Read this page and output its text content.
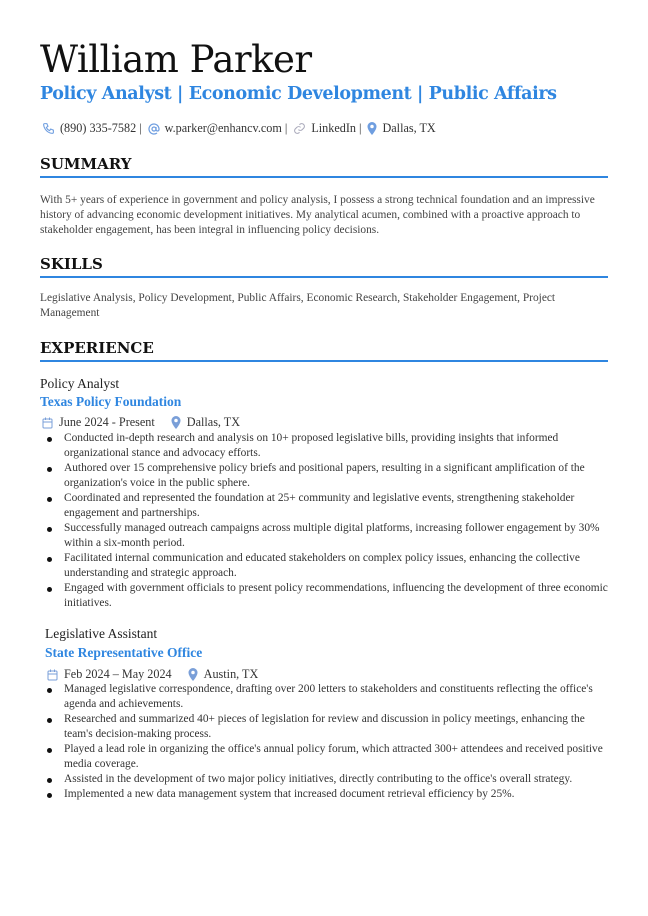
William Parker
Policy Analyst | Economic Development | Public Affairs
(890) 335-7582 | w.parker@enhancv.com | LinkedIn | Dallas, TX
SUMMARY
With 5+ years of experience in government and policy analysis, I possess a strong technical foundation and an impressive history of advancing economic development initiatives. My analytical acumen, combined with a proactive approach to stakeholder engagement, has been integral in influencing policy decisions.
SKILLS
Legislative Analysis, Policy Development, Public Affairs, Economic Research, Stakeholder Engagement, Project Management
EXPERIENCE
Policy Analyst
Texas Policy Foundation
June 2024 - Present	Dallas, TX
Conducted in-depth research and analysis on 10+ proposed legislative bills, providing insights that informed organizational stance and advocacy efforts.
Authored over 15 comprehensive policy briefs and positional papers, resulting in a significant amplification of the organization's voice in the public sphere.
Coordinated and represented the foundation at 25+ community and legislative events, strengthening stakeholder engagement and partnerships.
Successfully managed outreach campaigns across multiple digital platforms, increasing follower engagement by 30% within a six-month period.
Facilitated internal communication and educated stakeholders on complex policy issues, enhancing the collective understanding and strategic approach.
Engaged with government officials to present policy recommendations, influencing the development of three economic initiatives.
Legislative Assistant
State Representative Office
Feb 2024 – May 2024	Austin, TX
Managed legislative correspondence, drafting over 200 letters to stakeholders and constituents reflecting the office's agenda and achievements.
Researched and summarized 40+ pieces of legislation for review and discussion in policy meetings, enhancing the team's decision-making process.
Played a lead role in organizing the office's annual policy forum, which attracted 300+ attendees and received positive media coverage.
Assisted in the development of two major policy initiatives, directly contributing to the office's overall strategy.
Implemented a new data management system that increased document retrieval efficiency by 25%.
